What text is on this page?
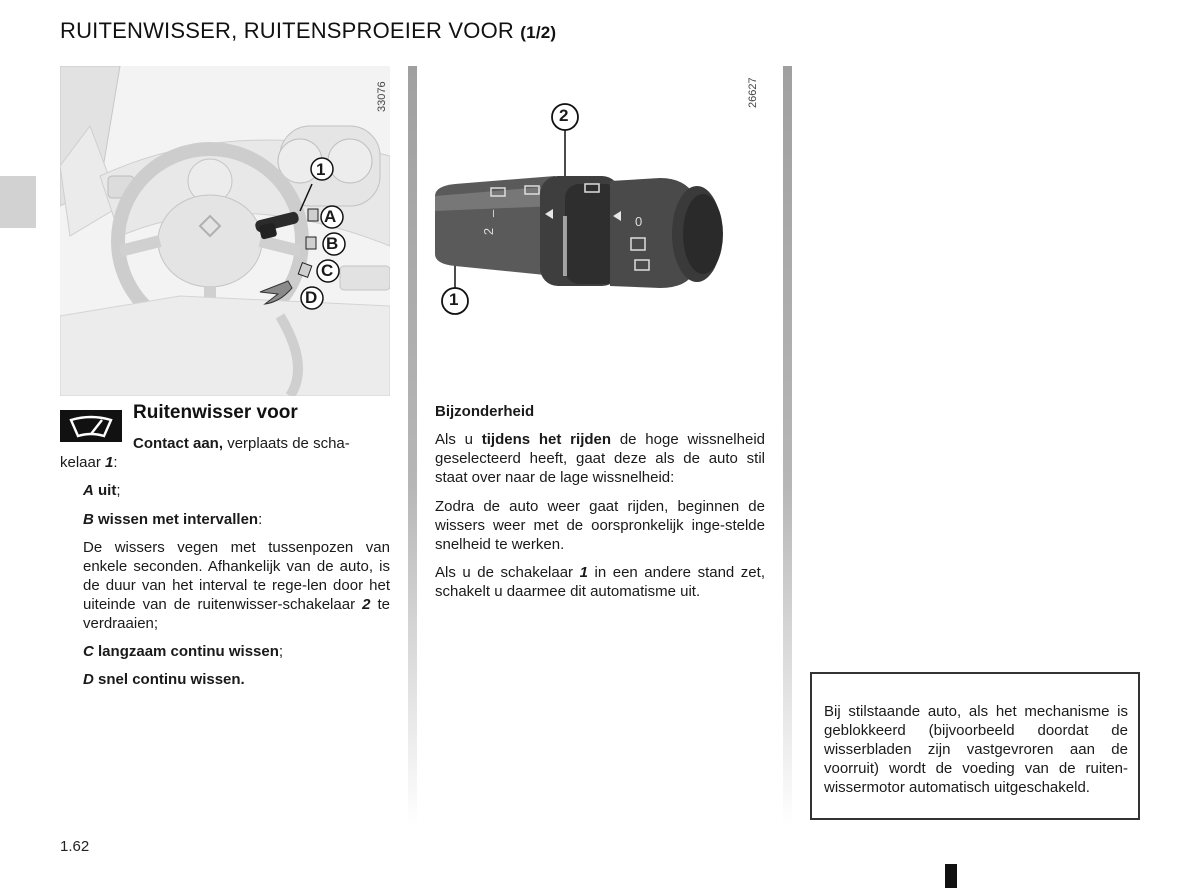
RUITENWISSER, RUITENSPROEIER VOOR (1/2)
1
A
B
C
D
33076
2
–
0
2
1
26627
Ruitenwisser voor

Contact aan, verplaats de scha-

kelaar 1:

A uit;

B wissen met intervallen:

De wissers vegen met tussenpozen van enkele seconden. Afhankelijk van de auto, is de duur van het interval te rege-len door het uiteinde van de ruitenwisser-schakelaar 2 te verdraaien;

C langzaam continu wissen;

D snel continu wissen.

Bijzonderheid

Als u tijdens het rijden de hoge wissnelheid geselecteerd heeft, gaat deze als de auto stil staat over naar de lage wissnelheid:

Zodra de auto weer gaat rijden, beginnen de wissers weer met de oorspronkelijk inge-stelde snelheid te werken.

Als u de schakelaar 1 in een andere stand zet, schakelt u daarmee dit automatisme uit.

Bij stilstaande auto, als het mechanisme is geblokkeerd (bijvoorbeeld doordat de wisserbladen zijn vastgevroren aan de voorruit) wordt de voeding van de ruiten-wissermotor automatisch uitgeschakeld.

1.62
